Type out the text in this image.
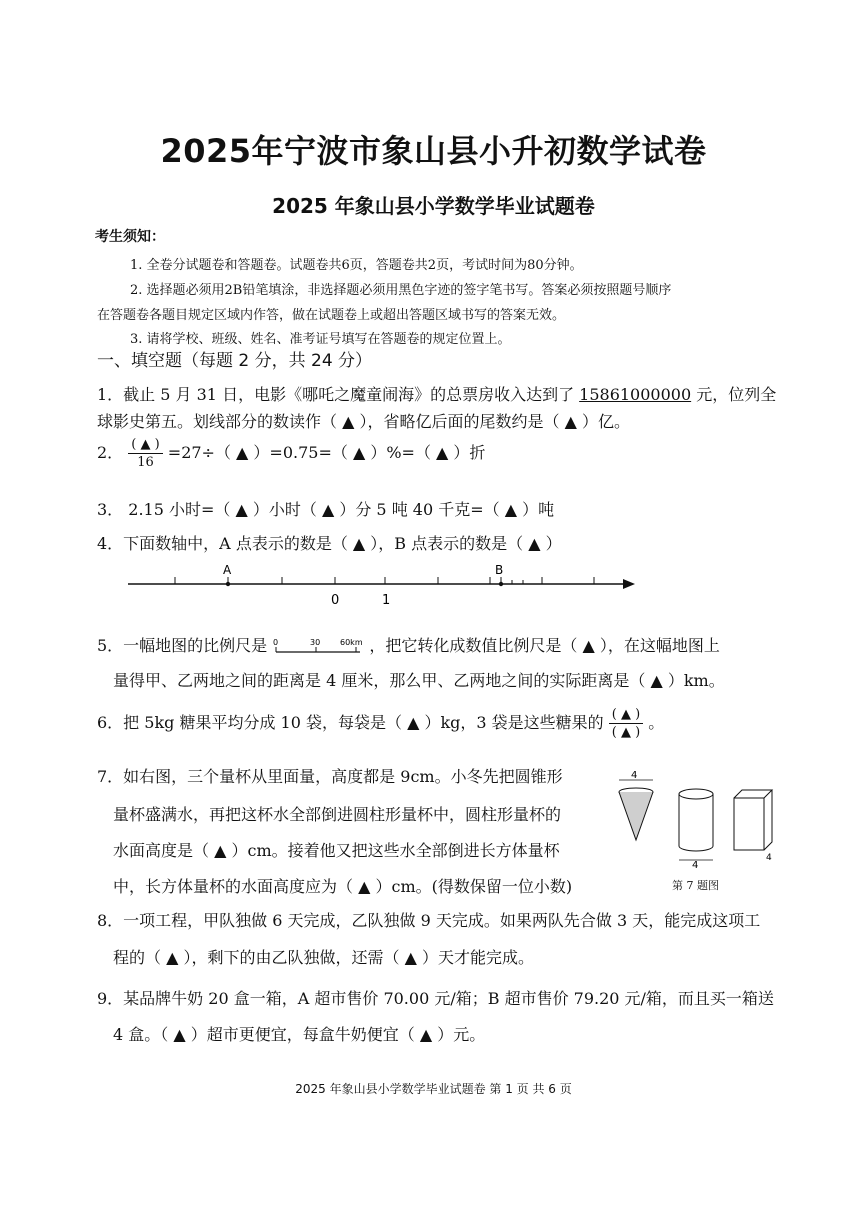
2025年宁波市象山县小升初数学试卷
2025 年象山县小学数学毕业试题卷
考生须知：
1. 全卷分试题卷和答题卷。试题卷共6页，答题卷共2页，考试时间为80分钟。
2. 选择题必须用2B铅笔填涂，非选择题必须用黑色字迹的签字笔书写。答案必须按照题号顺序
在答题卷各题目规定区域内作答，做在试题卷上或超出答题区域书写的答案无效。
3. 请将学校、班级、姓名、准考证号填写在答题卷的规定位置上。
一、填空题（每题 2 分，共 24 分）
1．截止 5 月 31 日，电影《哪吒之魔童闹海》的总票房收入达到了 15861000000 元，位列全
球影史第五。划线部分的数读作（ ▲ ），省略亿后面的尾数约是（ ▲ ）亿。
2． $\frac{( ▲ )}{16} =27\div$（ ▲ ）=0.75=（ ▲ ）%=（ ▲ ）折
3． 2.15 小时=（ ▲ ）小时（ ▲ ）分 5 吨 40 千克=（ ▲ ）吨
4．下面数轴中，A 点表示的数是（ ▲ ），B 点表示的数是（ ▲ ）
A	B
0	1
5．一幅地图的比例尺是 0	30 60km ，把它转化成数值比例尺是（ ▲ ），在这幅地图上
量得甲、乙两地之间的距离是 4 厘米，那么甲、乙两地之间的实际距离是（ ▲ ）km。
6．把 5kg 糖果平均分成 10 袋，每袋是（ ▲ ）kg，3 袋是这些糖果的 $\frac{( ▲ )}{( ▲ )}$ 。
7．如右图，三个量杯从里面量，高度都是 9cm。小冬先把圆锥形
量杯盛满水，再把这杯水全部倒进圆柱形量杯中，圆柱形量杯的
水面高度是（ ▲ ）cm。接着他又把这些水全部倒进长方体量杯
中，长方体量杯的水面高度应为（ ▲ ）cm。(得数保留一位小数)
4
4
4
第 7 题图
8．一项工程，甲队独做 6 天完成，乙队独做 9 天完成。如果两队先合做 3 天，能完成这项工
程的（ ▲ ），剩下的由乙队独做，还需（ ▲ ）天才能完成。
9．某品牌牛奶 20 盒一箱，A 超市售价 70.00 元/箱；B 超市售价 79.20 元/箱，而且买一箱送
4 盒。（ ▲ ）超市更便宜，每盒牛奶便宜（ ▲ ）元。
2025 年象山县小学数学毕业试题卷 第 1 页 共 6 页
